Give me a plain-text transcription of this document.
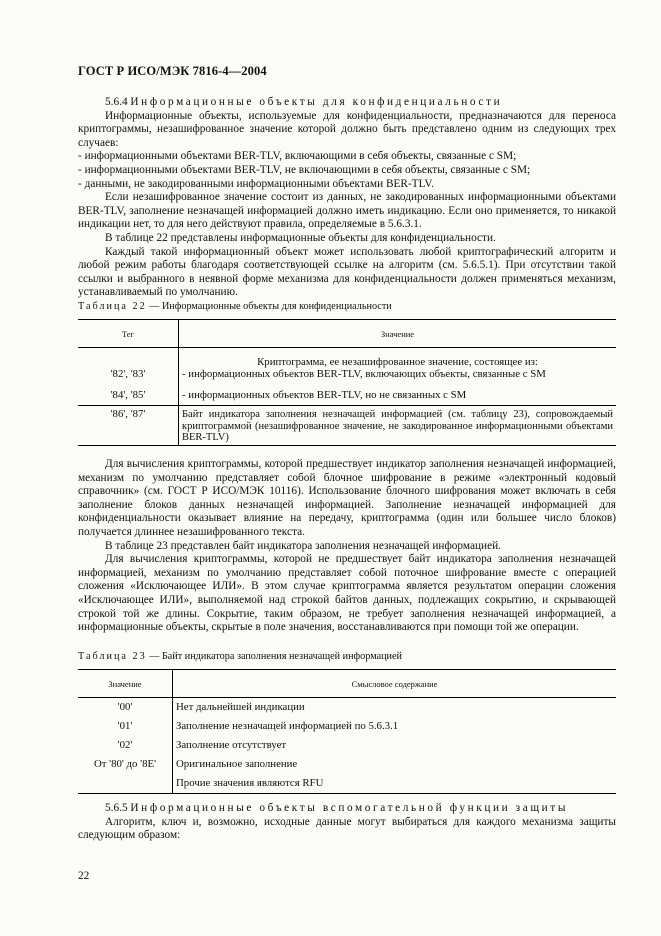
ГОСТ Р ИСО/МЭК 7816-4—2004

5.6.4 Информационные объекты для конфиденциальности

Информационные объекты, используемые для конфиденциальности, предназначаются для переноса криптограммы, незашифрованное значение которой должно быть представлено одним из следующих трех случаев:

- информационными объектами BER-TLV, включающими в себя объекты, связанные с SM;

- информационными объектами BER-TLV, не включающими в себя объекты, связанные с SM;

- данными, не закодированными информационными объектами BER-TLV.

Если незашифрованное значение состоит из данных, не закодированных информационными объектами BER-TLV, заполнение незначащей информацией должно иметь индикацию. Если оно применяется, то никакой индикации нет, то для него действуют правила, определяемые в 5.6.3.1.

В таблице 22 представлены информационные объекты для конфиденциальности.

Каждый такой информационный объект может использовать любой криптографический алгоритм и любой режим работы благодаря соответствующей ссылке на алгоритм (см. 5.6.5.1). При отсутствии такой ссылки и выбранного в неявной форме механизма для конфиденциальности должен применяться механизм, устанавливаемый по умолчанию.

Таблица 22 — Информационные объекты для конфиденциальности
Тег	Значение
	Криптограмма, ее незашифрованное значение, состоящее из:
'82', '83'	- информационных объектов BER-TLV, включающих объекты, связанные с SM
'84', '85'	- информационных объектов BER-TLV, но не связанных с SM
'86', '87'	Байт индикатора заполнения незначащей информацией (см. таблицу 23), сопровождаемый криптограммой (незашифрованное значение, не закодированное информационными объектами BER-TLV)

Для вычисления криптограммы, которой предшествует индикатор заполнения незначащей информацией, механизм по умолчанию представляет собой блочное шифрование в режиме «электронный кодовый справочник» (см. ГОСТ Р ИСО/МЭК 10116). Использование блочного шифрования может включать в себя заполнение блоков данных незначащей информацией. Заполнение незначащей информацией для конфиденциальности оказывает влияние на передачу, криптограмма (один или большее число блоков) получается длиннее незашифрованного текста.

В таблице 23 представлен байт индикатора заполнения незначащей информацией.

Для вычисления криптограммы, которой не предшествует байт индикатора заполнения незначащей информацией, механизм по умолчанию представляет собой поточное шифрование вместе с операцией сложения «Исключающее ИЛИ». В этом случае криптограмма является результатом операции сложения «Исключающее ИЛИ», выполняемой над строкой байтов данных, подлежащих сокрытию, и скрывающей строкой той же длины. Сокрытие, таким образом, не требует заполнения незначащей информацией, а информационные объекты, скрытые в поле значения, восстанавливаются при помощи той же операции.

Таблица 23 — Байт индикатора заполнения незначащей информацией
Значение	Смысловое содержание
'00'	Нет дальнейшей индикации
'01'	Заполнение незначащей информацией по 5.6.3.1
'02'	Заполнение отсутствует
От '80' до '8E'	Оригинальное заполнение
	Прочие значения являются RFU

5.6.5 Информационные объекты вспомогательной функции защиты

Алгоритм, ключ и, возможно, исходные данные могут выбираться для каждого механизма защиты следующим образом:

22
